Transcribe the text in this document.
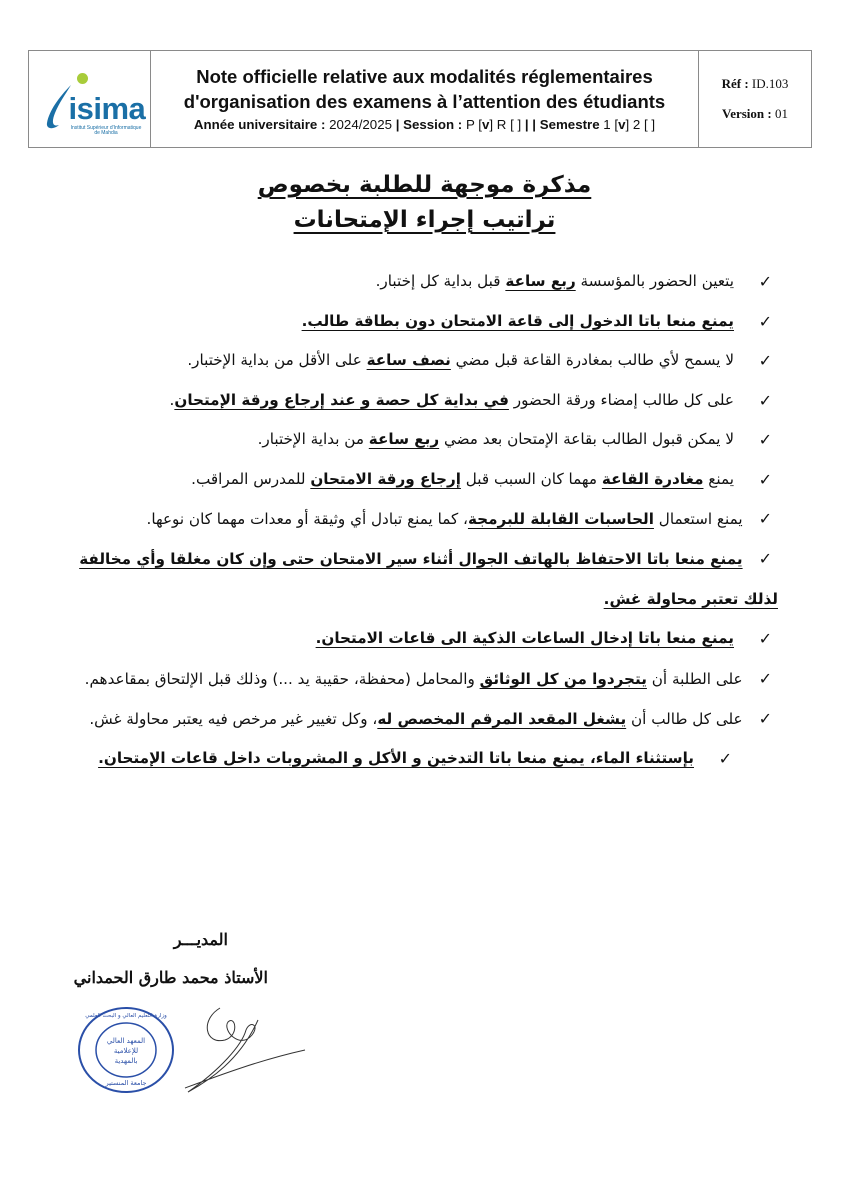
isima
Institut Supérieur d'Informatique de Mahdia
Note officielle relative aux modalités réglementaires
d'organisation des examens à l’attention des étudiants
Année universitaire : 2024/2025 | Session : P [v] R [ ] | | Semestre 1 [v] 2 [ ]
Réf : ID.103
Version : 01
مذكرة موجهة للطلبة بخصوص
تراتيب إجراء الإمتحانات
✓
يتعين الحضور بالمؤسسة ربع ساعة قبل بداية كل إختبار.
✓
يمنع منعا باتا الدخول إلى قاعة الامتحان دون بطاقة طالب.
✓
لا يسمح لأي طالب بمغادرة القاعة قبل مضي نصف ساعة على الأقل من بداية الإختبار.
✓
على كل طالب إمضاء ورقة الحضور في بداية كل حصة و عند إرجاع ورقة الإمتحان.
✓
لا يمكن قبول الطالب بقاعة الإمتحان بعد مضي ربع ساعة من بداية الإختبار.
✓
يمنع مغادرة القاعة مهما كان السبب قبل إرجاع ورقة الامتحان للمدرس المراقب.
✓يمنع استعمال الحاسبات القابلة للبرمجة، كما يمنع تبادل أي وثيقة أو معدات مهما كان نوعها.
✓يمنع منعا باتا الاحتفاظ بالهاتف الجوال أثناء سير الامتحان حتى وإن كان مغلقا وأي مخالفة لذلك تعتبر محاولة غش.
✓
يمنع منعا باتا إدخال الساعات الذكية الى قاعات الامتحان.
✓على الطلبة أن يتجردوا من كل الوثائق والمحامل (محفظة، حقيبة يد ...) وذلك قبل الإلتحاق بمقاعدهم.
✓على كل طالب أن يشغل المقعد المرقم المخصص له، وكل تغيير غير مرخص فيه يعتبر محاولة غش.
✓
بإستثناء الماء، يمنع منعا باتا التدخين و الأكل و المشروبات داخل قاعات الإمتحان.
المديـــر
الأستاذ محمد طارق الحمداني
المعهد العالي
للإعلامية
بالمهدية
جامعة المنستير
وزارة التعليم العالي و البحث العلمي
